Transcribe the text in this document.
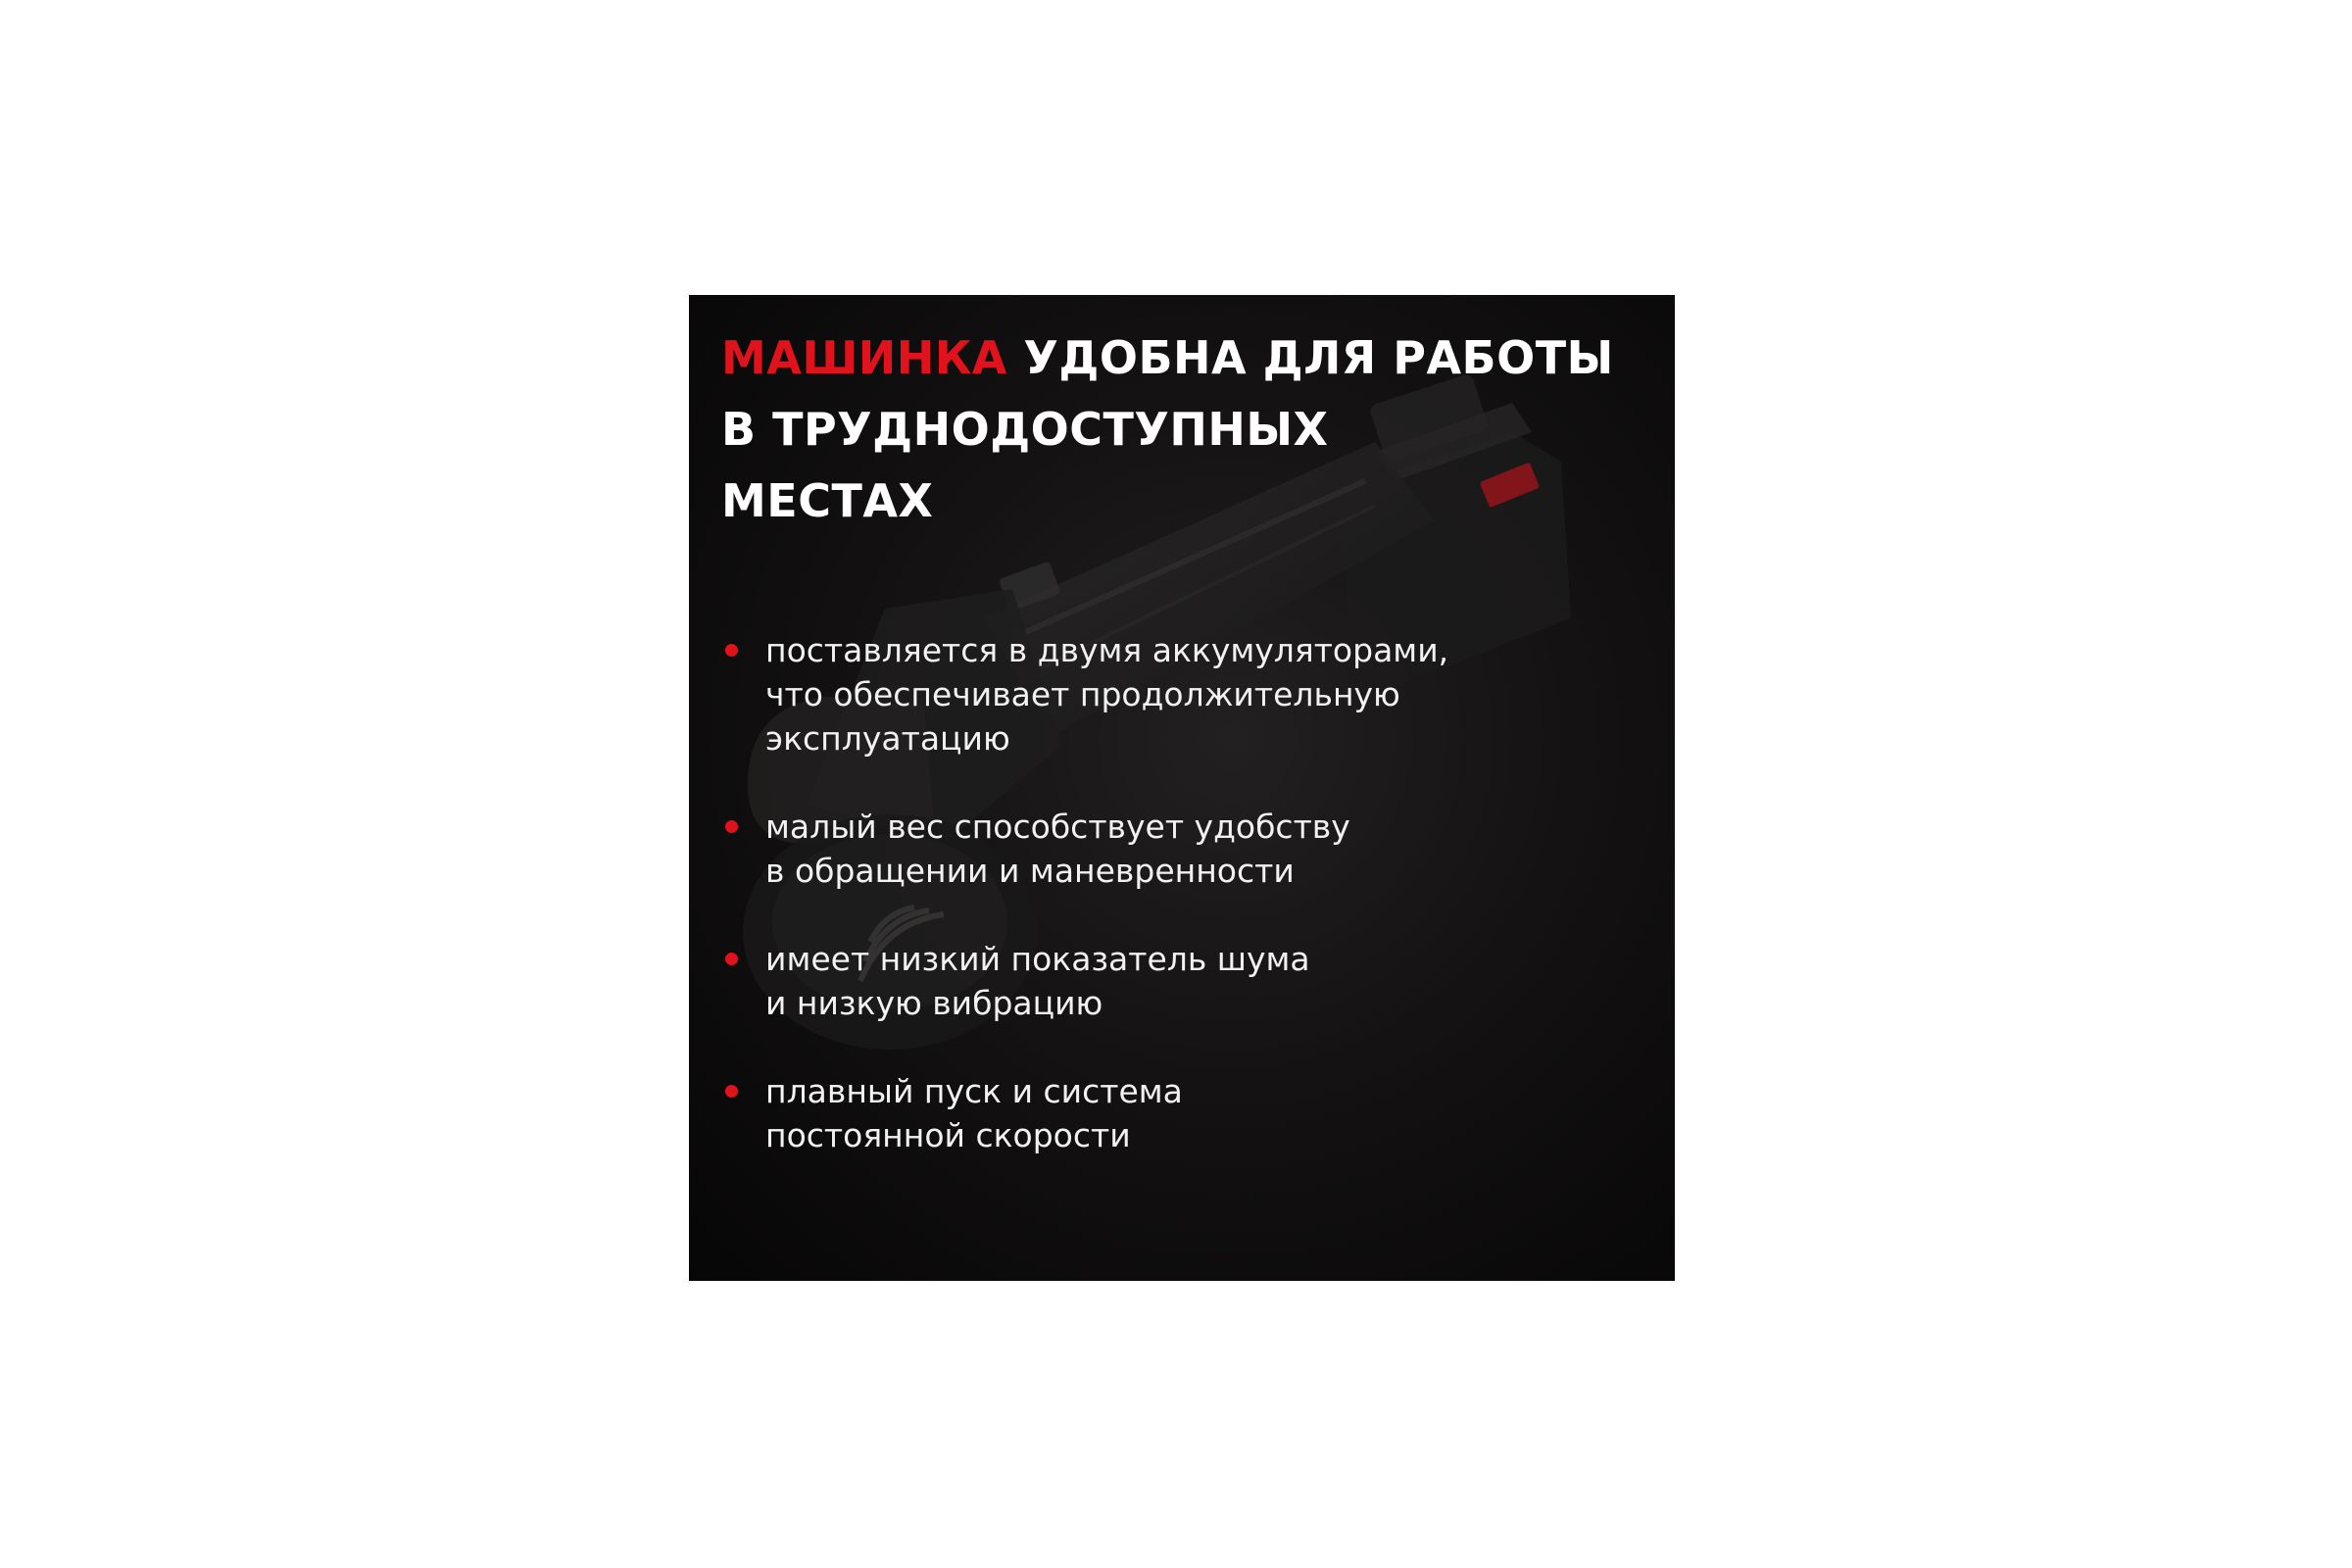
МАШИНКА УДОБНА ДЛЯ РАБОТЫ
В ТРУДНОДОСТУПНЫХ
МЕСТАХ
поставляется в двумя аккумуляторами,
что обеспечивает продолжительную
эксплуатацию
малый вес способствует удобству
в обращении и маневренности
имеет низкий показатель шума
и низкую вибрацию
плавный пуск и система
постоянной скорости
